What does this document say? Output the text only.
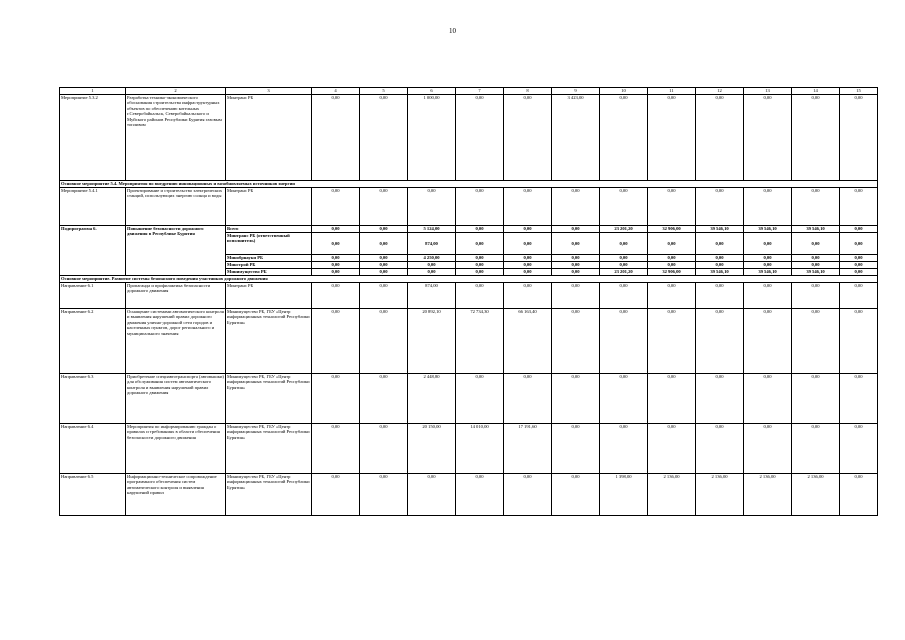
10
1	2	3	4	5	6	7	8	9	10	11	12	13	14	15
Мероприятие 5.3.2	Разработка технико-экономического обоснования строительства инфраструктурных объектов по обеспечению котельных г.Северобайкальск, Северобайкальского и Муйского районов Республики Бурятия газовым топливом	Минтранс РБ	0,00	0,00	1 000,00	0,00	0,00	3 423,00	0,00	0,00	0,00	0,00	0,00	0,00
Основное мероприятие 5.4. Мероприятия по внедрению инновационных и возобновляемых источников энергии														
Мероприятие 5.4.1	Проектирование и строительство электрических станций, использующих энергию солнца и воды	Минтранс РБ	0,00	0,00	0,00	0,00	0,00	0,00	0,00	0,00	0,00	0,00	0,00	0,00
Подпрограмма 6.	Повышение безопасности дорожного движения в Республике Бурятия	Всего	0,00	0,00	5 124,00	0,00	0,00	0,00	23 201,20	32 906,00	39 546,10	39 546,10	39 546,10	0,00
		Минтранс РБ (ответственный исполнитель)	0,00	0,00	874,00	0,00	0,00	0,00	0,00	0,00	0,00	0,00	0,00	0,00
		Минобрнауки РБ	0,00	0,00	4 250,00	0,00	0,00	0,00	0,00	0,00	0,00	0,00	0,00	0,00
		Минстрой РБ	0,00	0,00	0,00	0,00	0,00	0,00	0,00	0,00	0,00	0,00	0,00	0,00
		Минимущество РБ	0,00	0,00	0,00	0,00	0,00	0,00	23 201,20	32 906,00	39 546,10	39 546,10	39 546,10	0,00
Основное мероприятие. Развитие системы безопасного поведения участников дорожного движения														
Направление 6.1	Пропаганда и профилактика безопасности дорожного движения	Минтранс РБ	0,00	0,00	874,00	0,00	0,00	0,00	0,00	0,00	0,00	0,00	0,00	0,00
Направление 6.2	Оснащение системами автоматического контроля и выявления нарушений правил дорожного движения улично-дорожной сети городов и населенных пунктов, дорог регионального и муниципального значения	Минимущество РБ, ГБУ «Центр информационных технологий Республики Бурятия»	0,00	0,00	20 892,10	72 734,30	66 163,40	0,00	0,00	0,00	0,00	0,00	0,00	0,00
Направление 6.3	Приобретение специавтотранспорта (автовышки) для обслуживания систем автоматического контроля и выявления нарушений правил дорожного движения	Минимущество РБ, ГБУ «Центр информационных технологий Республики Бурятия»	0,00	0,00	2 448,80	0,00	0,00	0,00	0,00	0,00	0,00	0,00	0,00	0,00
Направление 6.4	Мероприятия по информированию граждан о правилах и требованиях в области обеспечения безопасности дорожного движения	Минимущество РБ, ГБУ «Центр информационных технологий Республики Бурятия»	0,00	0,00	20 150,00	14 010,00	17 191,60	0,00	0,00	0,00	0,00	0,00	0,00	0,00
Направление 6.5	Информационно-техническое сопровождение программного обеспечения систем автоматического контроля и выявления нарушений правил	Минимущество РБ, ГБУ «Центр информационных технологий Республики Бурятия»	0,00	0,00	0,00	0,00	0,00	0,00	1 398,00	2 136,00	2 136,00	2 136,00	2 136,00	0,00
